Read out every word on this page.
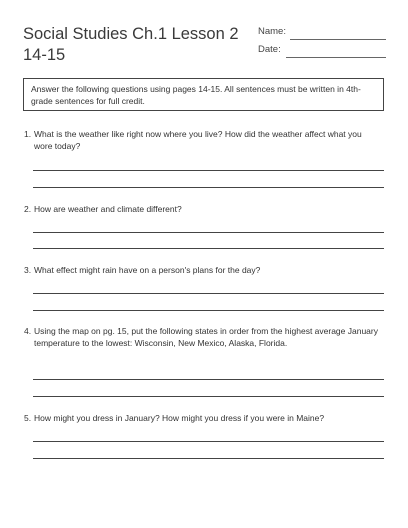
Social Studies Ch.1 Lesson 2
14-15
Name:
Date:
Answer the following questions using pages 14-15. All sentences must be written in 4th-grade sentences for full credit.
1. What is the weather like right now where you live? How did the weather affect what you wore today?
2. How are weather and climate different?
3. What effect might rain have on a person's plans for the day?
4. Using the map on pg. 15, put the following states in order from the highest average January temperature to the lowest: Wisconsin, New Mexico, Alaska, Florida.
5. How might you dress in January? How might you dress if you were in Maine?
